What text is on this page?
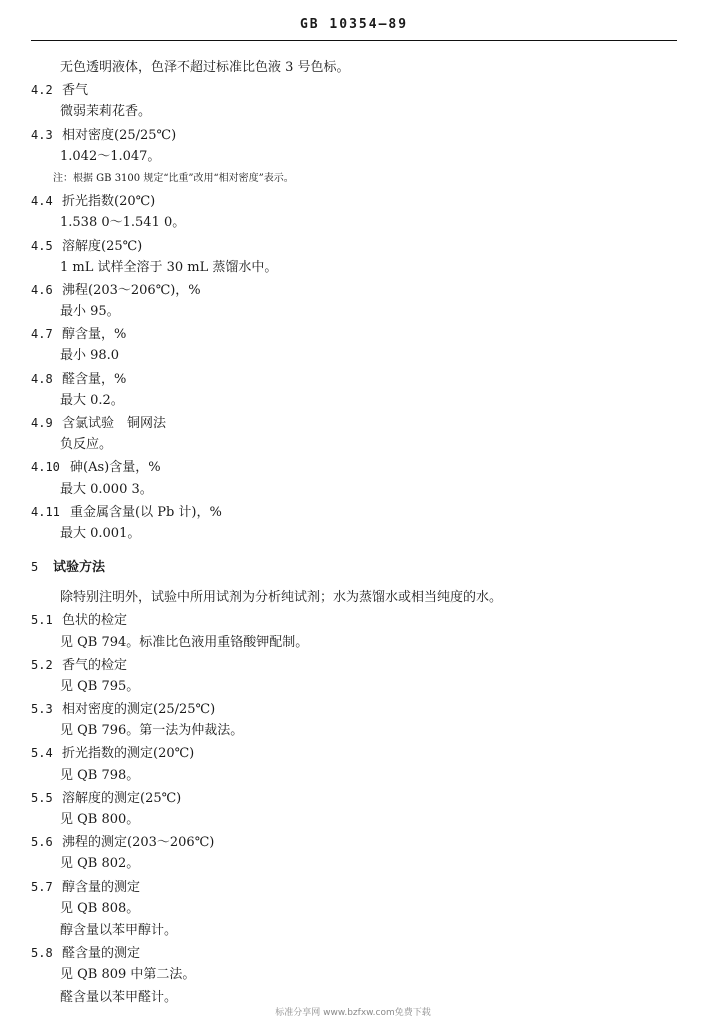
GB 10354—89
无色透明液体，色泽不超过标准比色液 3 号色标。
4.2 香气
微弱茉莉花香。
4.3 相对密度(25/25℃)
1.042～1.047。
注：根据 GB 3100 规定“比重”改用“相对密度”表示。
4.4 折光指数(20℃)
1.538 0～1.541 0。
4.5 溶解度(25℃)
1 mL 试样全溶于 30 mL 蒸馏水中。
4.6 沸程(203～206℃)，%
最小 95。
4.7 醇含量，%
最小 98.0
4.8 醛含量，%
最大 0.2。
4.9 含氯试验　铜网法
负反应。
4.10 砷(As)含量，%
最大 0.000 3。
4.11 重金属含量(以 Pb 计)，%
最大 0.001。
5 试验方法
除特别注明外，试验中所用试剂为分析纯试剂；水为蒸馏水或相当纯度的水。
5.1 色状的检定
见 QB 794。标准比色液用重铬酸钾配制。
5.2 香气的检定
见 QB 795。
5.3 相对密度的测定(25/25℃)
见 QB 796。第一法为仲裁法。
5.4 折光指数的测定(20℃)
见 QB 798。
5.5 溶解度的测定(25℃)
见 QB 800。
5.6 沸程的测定(203～206℃)
见 QB 802。
5.7 醇含量的测定
见 QB 808。
醇含量以苯甲醇计。
5.8 醛含量的测定
见 QB 809 中第二法。
醛含量以苯甲醛计。
标准分享网 www.bzfxw.com免费下载
